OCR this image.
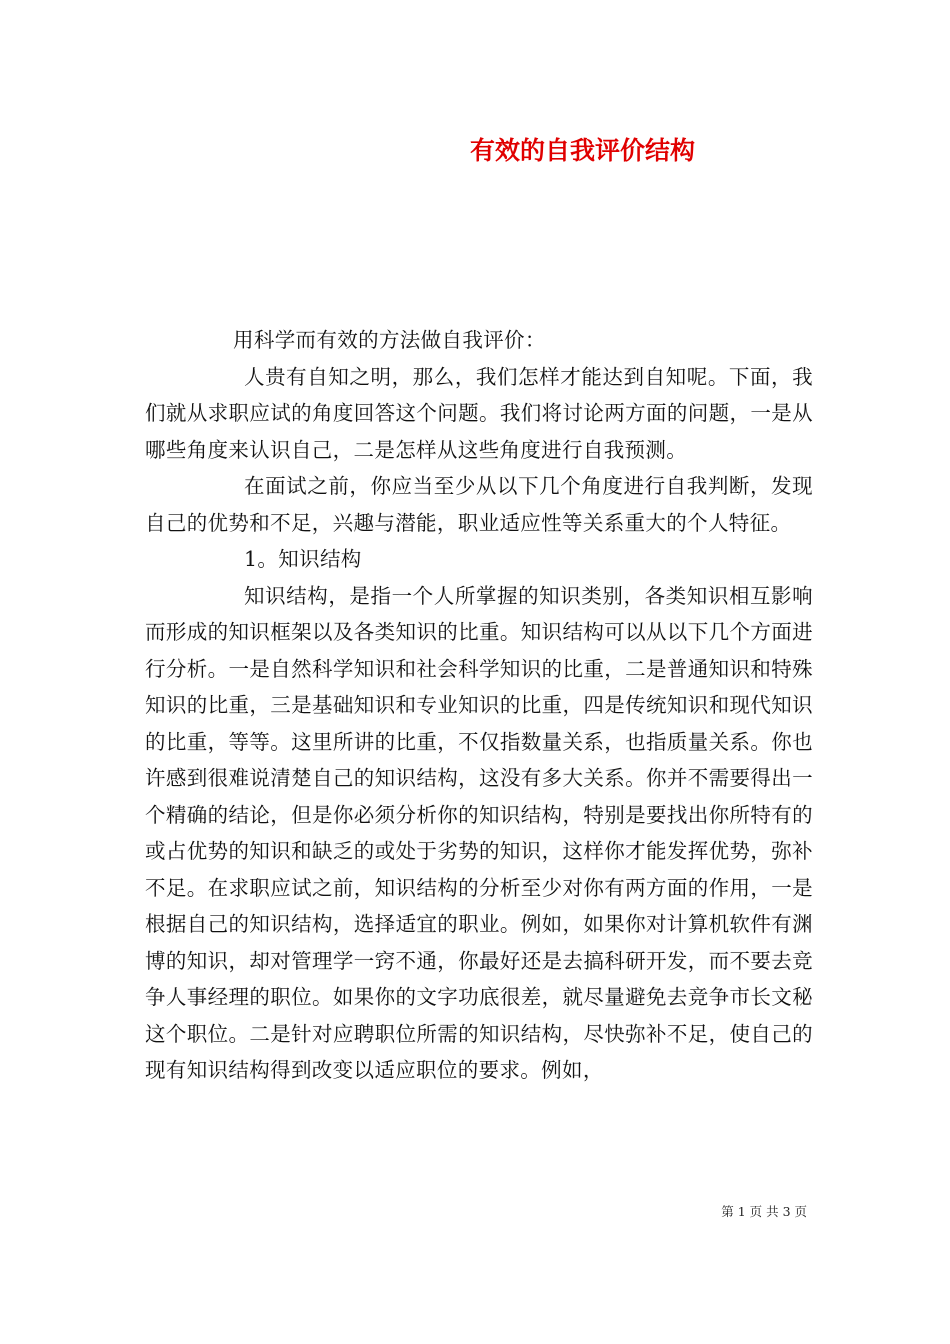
有效的自我评价结构

用科学而有效的方法做自我评价：

人贵有自知之明，那么，我们怎样才能达到自知呢。下面，我们就从求职应试的角度回答这个问题。我们将讨论两方面的问题，一是从哪些角度来认识自己，二是怎样从这些角度进行自我预测。

在面试之前，你应当至少从以下几个角度进行自我判断，发现自己的优势和不足，兴趣与潜能，职业适应性等关系重大的个人特征。

1。知识结构

知识结构，是指一个人所掌握的知识类别，各类知识相互影响而形成的知识框架以及各类知识的比重。知识结构可以从以下几个方面进行分析。一是自然科学知识和社会科学知识的比重，二是普通知识和特殊知识的比重，三是基础知识和专业知识的比重，四是传统知识和现代知识的比重，等等。这里所讲的比重，不仅指数量关系，也指质量关系。你也许感到很难说清楚自己的知识结构，这没有多大关系。你并不需要得出一个精确的结论，但是你必须分析你的知识结构，特别是要找出你所特有的或占优势的知识和缺乏的或处于劣势的知识，这样你才能发挥优势，弥补不足。在求职应试之前，知识结构的分析至少对你有两方面的作用，一是根据自己的知识结构，选择适宜的职业。例如，如果你对计算机软件有渊博的知识，却对管理学一窍不通，你最好还是去搞科研开发，而不要去竞争人事经理的职位。如果你的文字功底很差，就尽量避免去竞争市长文秘这个职位。二是针对应聘职位所需的知识结构，尽快弥补不足，使自己的现有知识结构得到改变以适应职位的要求。例如，

第 1 页 共 3 页
